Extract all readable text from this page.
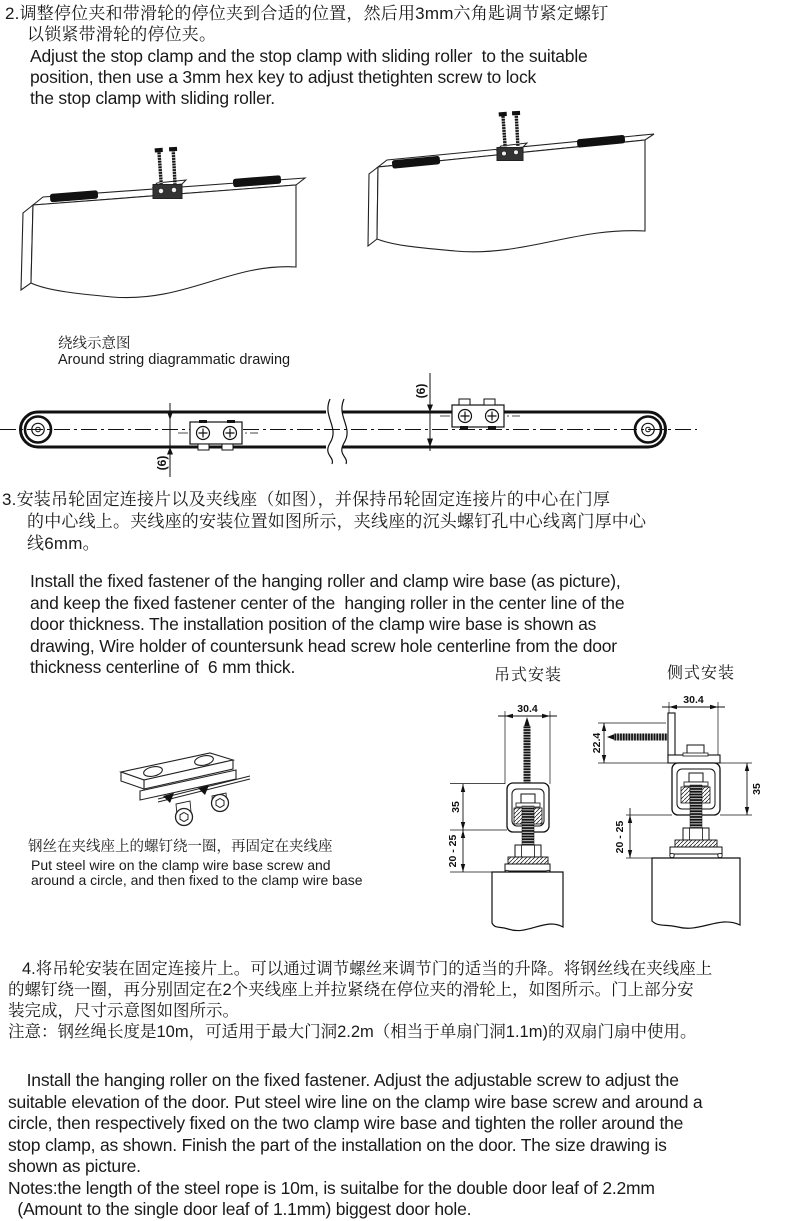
2.调整停位夹和带滑轮的停位夹到合适的位置，然后用3mm六角匙调节紧定螺钉
以锁紧带滑轮的停位夹。
Adjust the stop clamp and the stop clamp with sliding roller  to the suitable
position, then use a 3mm hex key to adjust thetighten screw to lock
the stop clamp with sliding roller.
绕线示意图
Around string diagrammatic drawing
(6)
(6)
3.安装吊轮固定连接片以及夹线座（如图），并保持吊轮固定连接片的中心在门厚
的中心线上。夹线座的安装位置如图所示，夹线座的沉头螺钉孔中心线离门厚中心
线6mm。
Install the fixed fastener of the hanging roller and clamp wire base (as picture),
and keep the fixed fastener center of the  hanging roller in the center line of the
door thickness. The installation position of the clamp wire base is shown as
drawing, Wire holder of countersunk head screw hole centerline from the door
thickness centerline of  6 mm thick.	吊式安装	侧式安装
30.4
35
20 - 25
30.4
22.4
35
20 - 25
钢丝在夹线座上的螺钉绕一圈，再固定在夹线座
Put steel wire on the clamp wire base screw and
around a circle, and then fixed to the clamp wire base
4.将吊轮安装在固定连接片上。可以通过调节螺丝来调节门的适当的升降。将钢丝线在夹线座上
的螺钉绕一圈，再分别固定在2个夹线座上并拉紧绕在停位夹的滑轮上，如图所示。门上部分安
装完成，尺寸示意图如图所示。
注意：钢丝绳长度是10m，可适用于最大门洞2.2m（相当于单扇门洞1.1m)的双扇门扇中使用。
Install the hanging roller on the fixed fastener. Adjust the adjustable screw to adjust the
suitable elevation of the door. Put steel wire line on the clamp wire base screw and around a
circle, then respectively fixed on the two clamp wire base and tighten the roller around the
stop clamp, as shown. Finish the part of the installation on the door. The size drawing is
shown as picture.
Notes:the length of the steel rope is 10m, is suitalbe for the double door leaf of 2.2mm
(Amount to the single door leaf of 1.1mm) biggest door hole.
